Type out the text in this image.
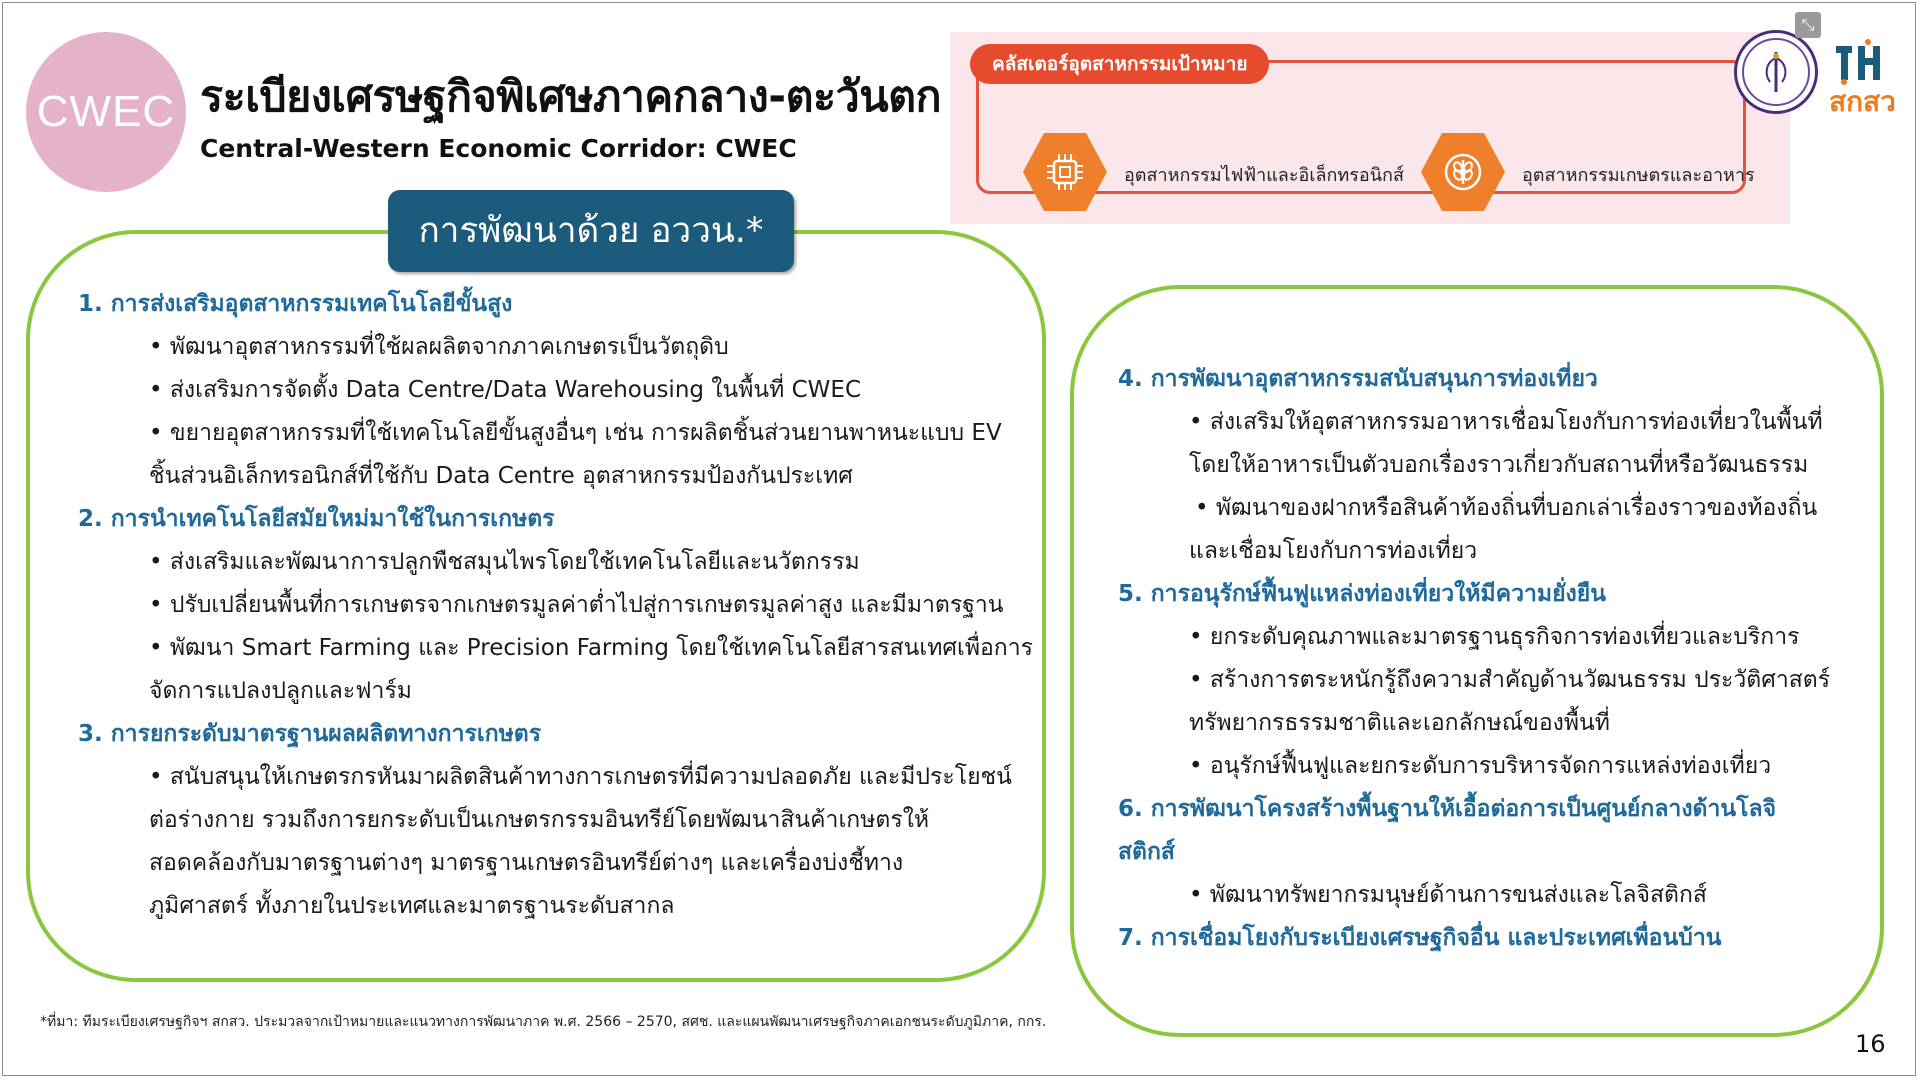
CWEC ระเบียงเศรษฐกิจพิเศษภาคกลาง-ตะวันตก
Central-Western Economic Corridor: CWEC
อุตสาหกรรมไฟฟ้าและอิเล็กทรอนิกส์	อุตสาหกรรมเกษตรและอาหาร
คลัสเตอร์อุตสาหกรรมเป้าหมาย
⤡
สกสว
การพัฒนาด้วย อววน.*
1. การส่งเสริมอุตสาหกรรมเทคโนโลยีขั้นสูง
• พัฒนาอุตสาหกรรมที่ใช้ผลผลิตจากภาคเกษตรเป็นวัตถุดิบ
• ส่งเสริมการจัดตั้ง Data Centre/Data Warehousing ในพื้นที่ CWEC
• ขยายอุตสาหกรรมที่ใช้เทคโนโลยีขั้นสูงอื่นๆ เช่น การผลิตชิ้นส่วนยานพาหนะแบบ EV
ชิ้นส่วนอิเล็กทรอนิกส์ที่ใช้กับ Data Centre อุตสาหกรรมป้องกันประเทศ
2. การนำเทคโนโลยีสมัยใหม่มาใช้ในการเกษตร
• ส่งเสริมและพัฒนาการปลูกพืชสมุนไพรโดยใช้เทคโนโลยีและนวัตกรรม
• ปรับเปลี่ยนพื้นที่การเกษตรจากเกษตรมูลค่าต่ำไปสู่การเกษตรมูลค่าสูง และมีมาตรฐาน
• พัฒนา Smart Farming และ Precision Farming โดยใช้เทคโนโลยีสารสนเทศเพื่อการ
จัดการแปลงปลูกและฟาร์ม
3. การยกระดับมาตรฐานผลผลิตทางการเกษตร
• สนับสนุนให้เกษตรกรหันมาผลิตสินค้าทางการเกษตรที่มีความปลอดภัย และมีประโยชน์
ต่อร่างกาย รวมถึงการยกระดับเป็นเกษตรกรรมอินทรีย์โดยพัฒนาสินค้าเกษตรให้
สอดคล้องกับมาตรฐานต่างๆ มาตรฐานเกษตรอินทรีย์ต่างๆ และเครื่องบ่งชี้ทาง
ภูมิศาสตร์ ทั้งภายในประเทศและมาตรฐานระดับสากล
4. การพัฒนาอุตสาหกรรมสนับสนุนการท่องเที่ยว
• ส่งเสริมให้อุตสาหกรรมอาหารเชื่อมโยงกับการท่องเที่ยวในพื้นที่
โดยให้อาหารเป็นตัวบอกเรื่องราวเกี่ยวกับสถานที่หรือวัฒนธรรม
• พัฒนาของฝากหรือสินค้าท้องถิ่นที่บอกเล่าเรื่องราวของท้องถิ่น
และเชื่อมโยงกับการท่องเที่ยว
5. การอนุรักษ์ฟื้นฟูแหล่งท่องเที่ยวให้มีความยั่งยืน
• ยกระดับคุณภาพและมาตรฐานธุรกิจการท่องเที่ยวและบริการ
• สร้างการตระหนักรู้ถึงความสำคัญด้านวัฒนธรรม ประวัติศาสตร์
ทรัพยากรธรรมชาติและเอกลักษณ์ของพื้นที่
• อนุรักษ์ฟื้นฟูและยกระดับการบริหารจัดการแหล่งท่องเที่ยว
6. การพัฒนาโครงสร้างพื้นฐานให้เอื้อต่อการเป็นศูนย์กลางด้านโลจิ
สติกส์
• พัฒนาทรัพยากรมนุษย์ด้านการขนส่งและโลจิสติกส์
7. การเชื่อมโยงกับระเบียงเศรษฐกิจอื่น และประเทศเพื่อนบ้าน
*ที่มา: ทีมระเบียงเศรษฐกิจฯ สกสว. ประมวลจากเป้าหมายและแนวทางการพัฒนาภาค พ.ศ. 2566 – 2570, สศช. และแผนพัฒนาเศรษฐกิจภาคเอกชนระดับภูมิภาค, กกร.
16
